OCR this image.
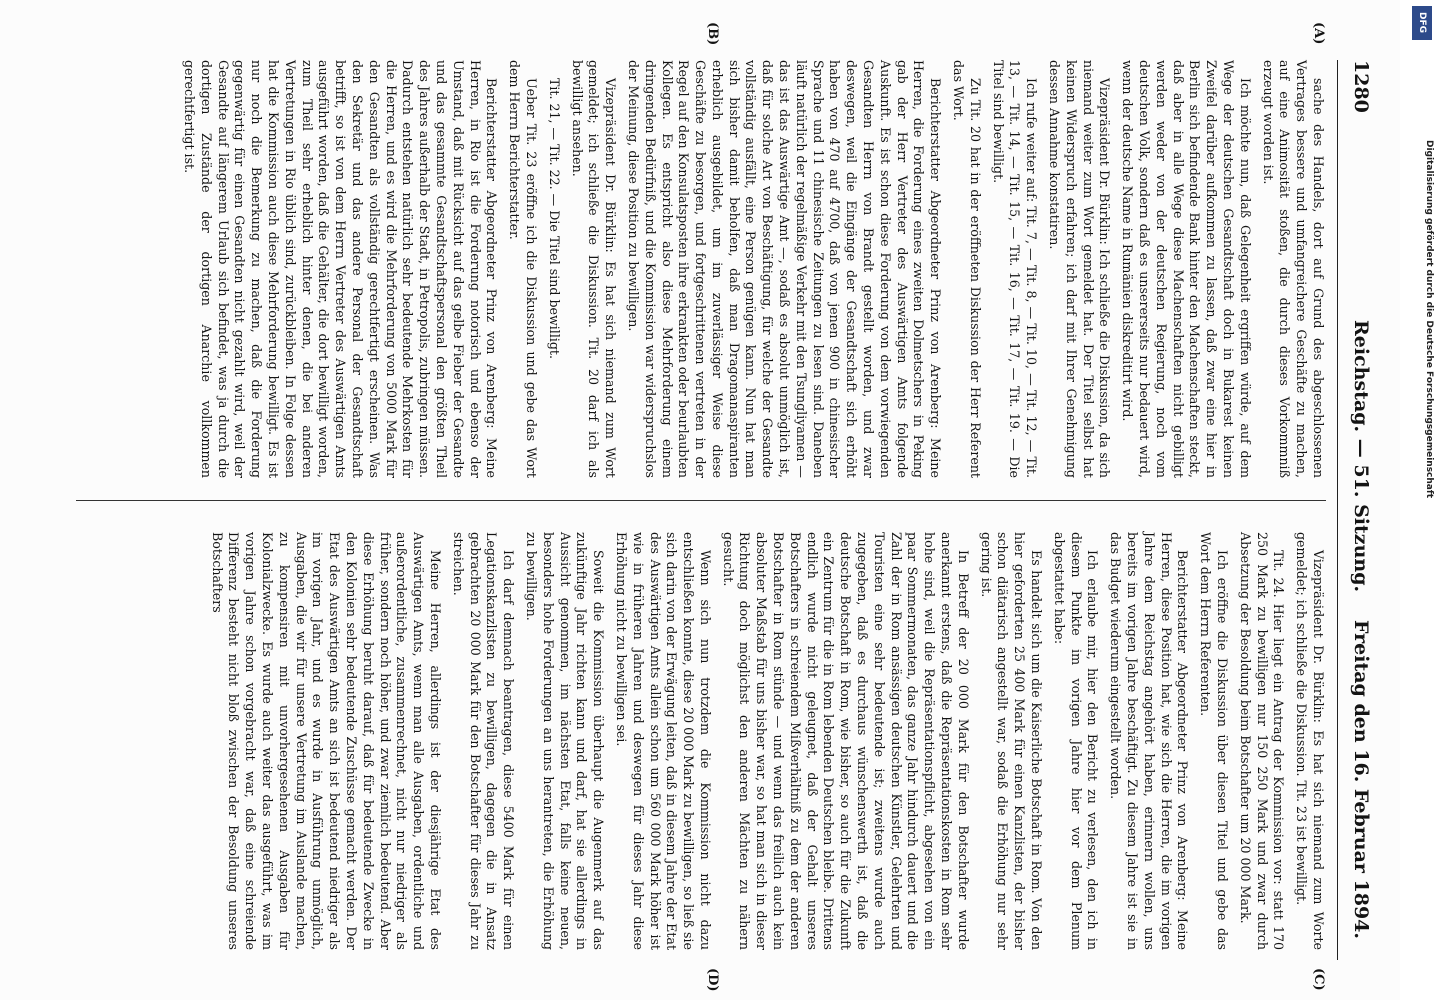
1280
Reichstag. — 51. Sitzung.
Freitag den 16. Februar 1894.
(A)
(B)
(C)
(D)

sache des Handels, dort auf Grund des abgeschlossenen Vertrages bessere und umfangreichere Geschäfte zu machen, auf eine Animosität stoßen, die durch dieses Vorkommniß erzeugt worden ist.

Ich möchte nun, daß Gelegenheit ergriffen würde, auf dem Wege der deutschen Gesandtschaft doch in Bukarest keinen Zweifel darüber aufkommen zu lassen, daß zwar eine hier in Berlin sich befindende Bank hinter den Machenschaften steckt, daß aber in alle Wege diese Machenschaften nicht gebilligt werden weder von der deutschen Regierung, noch vom deutschen Volk, sondern daß es unsererseits nur bedauert wird, wenn der deutsche Name in Rumänien diskreditirt wird.

Vizepräsident Dr. Bürklin: Ich schließe die Diskussion, da sich niemand weiter zum Wort gemeldet hat. Der Titel selbst hat keinen Widerspruch erfahren; ich darf mit Ihrer Genehmigung dessen Annahme konstatiren.

Ich rufe weiter auf: Tit. 7, — Tit. 8, — Tit. 10, — Tit. 12, — Tit. 13, — Tit. 14, — Tit. 15, — Tit. 16, — Tit. 17, — Tit. 19. — Die Titel sind bewilligt.

Zu Tit. 20 hat in der eröffneten Diskussion der Herr Referent das Wort.

Berichterstatter Abgeordneter Prinz von Arenberg: Meine Herren, die Forderung eines zweiten Dolmetschers in Peking gab der Herr Vertreter des Auswärtigen Amts folgende Auskunft. Es ist schon diese Forderung von dem vorwiegenden Gesandten Herrn von Brandt gestellt worden, und zwar deswegen, weil die Eingänge der Gesandtschaft sich erhöht haben von 470 auf 4700, daß von jenen 900 in chinesischer Sprache und 11 chinesische Zeitungen zu lesen sind. Daneben läuft natürlich der regelmäßige Verkehr mit den Tsungliyamen — das ist das Auswärtige Amt —, sodaß es absolut unmöglich ist, daß für solche Art von Beschäftigung, für welche der Gesandte vollständig ausfällt, eine Person genügen kann. Nun hat man sich bisher damit beholfen, daß man Dragomanaspiranten erheblich ausgebildet, um im zuverlässiger Weise diese Geschäfte zu besorgen, und fortgeschrittenen vertreten in der Regel auf den Konsulatsposten ihre erkrankten oder beurlaubten Kollegen. Es entspricht also diese Mehrforderung einem dringenden Bedürfniß, und die Kommission war widerspruchslos der Meinung, diese Position zu bewilligen.

Vizepräsident Dr. Bürklin: Es hat sich niemand zum Wort gemeldet; ich schließe die Diskussion. Tit. 20 darf ich als bewilligt ansehen.

Tit. 21, — Tit. 22. — Die Titel sind bewilligt.

Ueber Tit. 23 eröffne ich die Diskussion und gebe das Wort dem Herrn Berichterstatter.

Berichterstatter Abgeordneter Prinz von Arenberg: Meine Herren, in Rio ist die Forderung notorisch und ebenso der Umstand, daß mit Rücksicht auf das gelbe Fieber der Gesandte und das gesammte Gesandtschaftspersonal den größten Theil des Jahres außerhalb der Stadt, in Petropolis, zubringen müssen. Dadurch entstehen natürlich sehr bedeutende Mehrkosten für die Herren, und es wird die Mehrforderung von 5000 Mark für den Gesandten als vollständig gerechtfertigt erscheinen. Was den Sekretär und das andere Personal der Gesandtschaft betrifft, so ist von dem Herrn Vertreter des Auswärtigen Amts ausgeführt worden, daß die Gehälter, die dort bewilligt worden, zum Theil sehr erheblich hinter denen, die bei anderen Vertretungen in Rio üblich sind, zurückbleiben. In Folge dessen hat die Kommission auch diese Mehrforderung bewilligt. Es ist nur noch die Bemerkung zu machen, daß die Forderung gegenwärtig für einen Gesandten nicht gezahlt wird, weil der Gesandte auf längerem Urlaub sich befindet, was ja durch die dortigen Zustände der dortigen Anarchie vollkommen gerechtfertigt ist.

Vizepräsident Dr. Bürklin: Es hat sich niemand zum Worte gemeldet; ich schließe die Diskussion. Tit. 23 ist bewilligt.

Tit. 24. Hier liegt ein Antrag der Kommission vor: statt 170 250 Mark zu bewilligen nur 150 250 Mark und zwar durch Absetzung der Besoldung beim Botschafter um 20 000 Mark.

Ich eröffne die Diskussion über diesen Titel und gebe das Wort dem Herrn Referenten.

Berichterstatter Abgeordneter Prinz von Arenberg: Meine Herren, diese Position hat, wie sich die Herren, die im vorigen Jahre dem Reichstag angehört haben, erinnern wollen, uns bereits im vorigen Jahre beschäftigt. Zu diesem Jahre ist sie in das Budget wiederum eingestellt worden.

Ich erlaube mir, hier den Bericht zu verlesen, den ich in diesem Punkte im vorigen Jahre hier vor dem Plenum abgestattet habe:

Es handelt sich um die Kaiserliche Botschaft in Rom. Von den hier geforderten 25 400 Mark für einen Kanzlisten, der bisher schon diätarisch angestellt war, sodaß die Erhöhung nur sehr gering ist.

In Betreff der 20 000 Mark für den Botschafter wurde anerkannt erstens, daß die Repräsentationskosten in Rom sehr hohe sind, weil die Repräsentationspflicht, abgesehen von ein paar Sommermonaten, das ganze Jahr hindurch dauert und die Zahl der in Rom ansässigen deutschen Künstler, Gelehrten und Touristen eine sehr bedeutende ist; zweitens wurde auch zugegeben, daß es durchaus wünschenswerth ist, daß die deutsche Botschaft in Rom, wie bisher, so auch für die Zukunft ein Zentrum für die in Rom lebenden Deutschen bleibe. Drittens endlich wurde nicht geleugnet, daß der Gehalt unseres Botschafters in schreiendem Mißverhältniß zu dem der anderen Botschafter in Rom stünde — und wenn das freilich auch kein absoluter Maßstab für uns bisher war, so hat man sich in dieser Richtung doch möglichst den anderen Mächten zu nähern gesucht.

Wenn sich nun trotzdem die Kommission nicht dazu entschließen konnte, diese 20 000 Mark zu bewilligen, so ließ sie sich darin von der Erwägung leiten, daß in diesem Jahre der Etat des Auswärtigen Amts allein schon um 560 000 Mark höher ist wie in früheren Jahren und deswegen für dieses Jahr diese Erhöhung nicht zu bewilligen sei.

Soweit die Kommission überhaupt die Augenmerk auf das zukünftige Jahr richten kann und darf, hat sie allerdings in Aussicht genommen, im nächsten Etat, falls keine neuen, besonders hohe Forderungen an uns herantreten, die Erhöhung zu bewilligen.

Ich darf demnach beantragen, diese 5400 Mark für einen Legationskanzlisten zu bewilligen, dagegen die in Ansatz gebrachten 20 000 Mark für den Botschafter für dieses Jahr zu streichen.

Meine Herren, allerdings ist der diesjährige Etat des Auswärtigen Amts, wenn man alle Ausgaben, ordentliche und außerordentliche, zusammenrechnet, nicht nur niedriger als früher, sondern noch höher, und zwar ziemlich bedeutend. Aber diese Erhöhung beruht darauf, daß für bedeutende Zwecke in den Kolonien sehr bedeutende Zuschüsse gemacht werden. Der Etat des Auswärtigen Amts an sich ist bedeutend niedriger als im vorigen Jahr, und es wurde in Ausführung unmöglich, Ausgaben, die wir für unsere Vertretung im Auslande machen, zu kompensiren mit unvorhergesehenen Ausgaben für Kolonialzwecke. Es wurde auch weiter das ausgeführt, was im vorigen Jahre schon vorgebracht war, daß eine schreiende Differenz besteht nicht bloß zwischen der Besoldung unseres Botschafters

DFG
Digitalisierung gefördert durch die Deutsche Forschungsgemeinschaft
